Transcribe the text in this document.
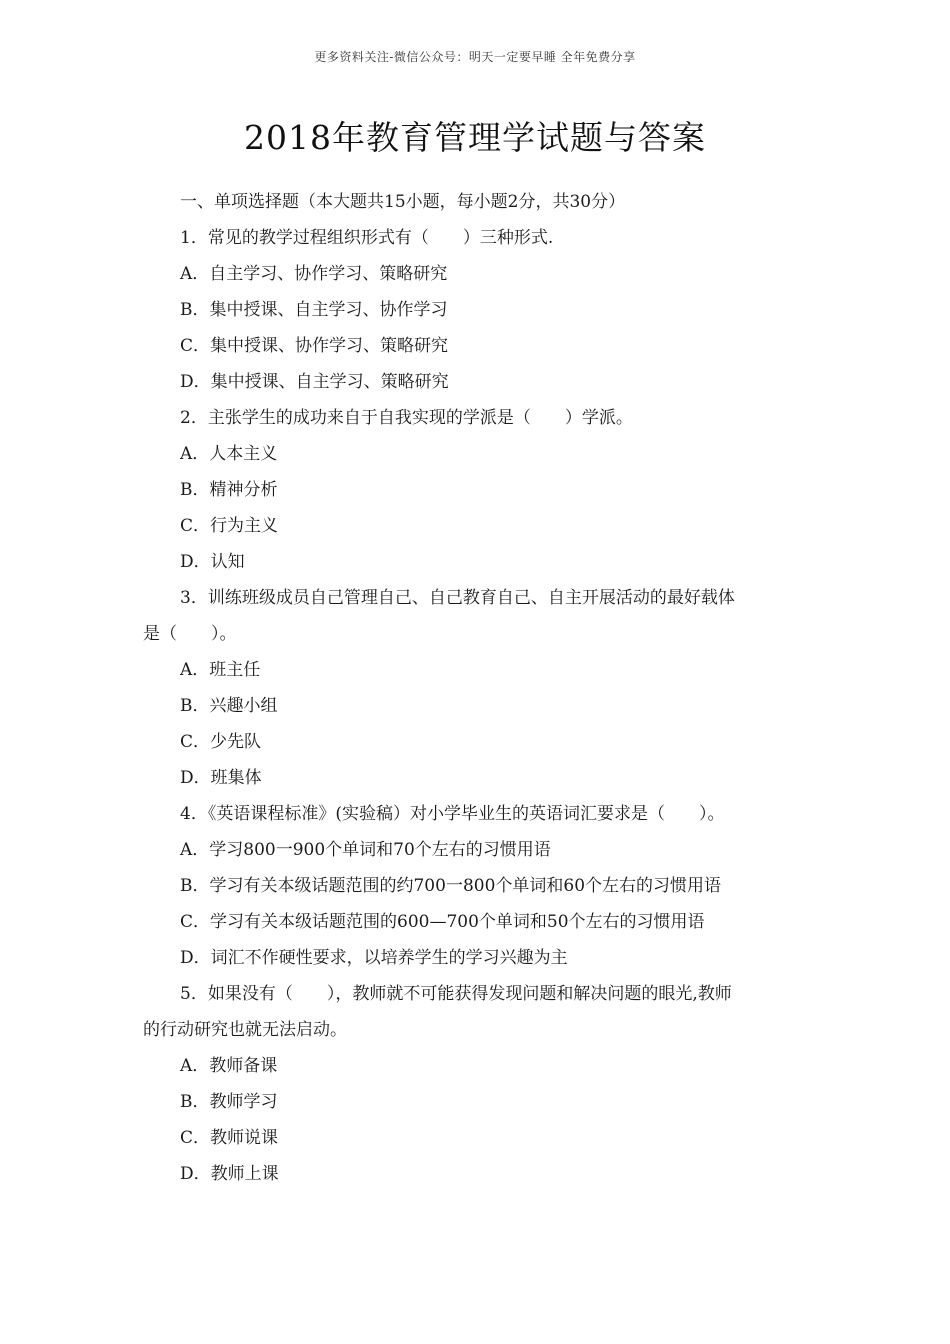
更多资料关注-微信公众号：明天一定要早睡 全年免费分享
2018年教育管理学试题与答案
一、单项选择题（本大题共15小题，每小题2分，共30分）
1．常见的教学过程组织形式有（　　）三种形式.
A．自主学习、协作学习、策略研究
B．集中授课、自主学习、协作学习
C．集中授课、协作学习、策略研究
D．集中授课、自主学习、策略研究
2．主张学生的成功来自于自我实现的学派是（　　）学派。
A．人本主义
B．精神分析
C．行为主义
D．认知
3．训练班级成员自己管理自己、自己教育自己、自主开展活动的最好载体
是（　　）。
A．班主任
B．兴趣小组
C．少先队
D．班集体
4．《英语课程标准》(实验稿）对小学毕业生的英语词汇要求是（　　）。
A．学习800一900个单词和70个左右的习惯用语
B．学习有关本级话题范围的约700一800个单词和60个左右的习惯用语
C．学习有关本级话题范围的600—700个单词和50个左右的习惯用语
D．词汇不作硬性要求，以培养学生的学习兴趣为主
5．如果没有（　　），教师就不可能获得发现问题和解决问题的眼光,教师
的行动研究也就无法启动。
A．教师备课
B．教师学习
C．教师说课
D．教师上课
